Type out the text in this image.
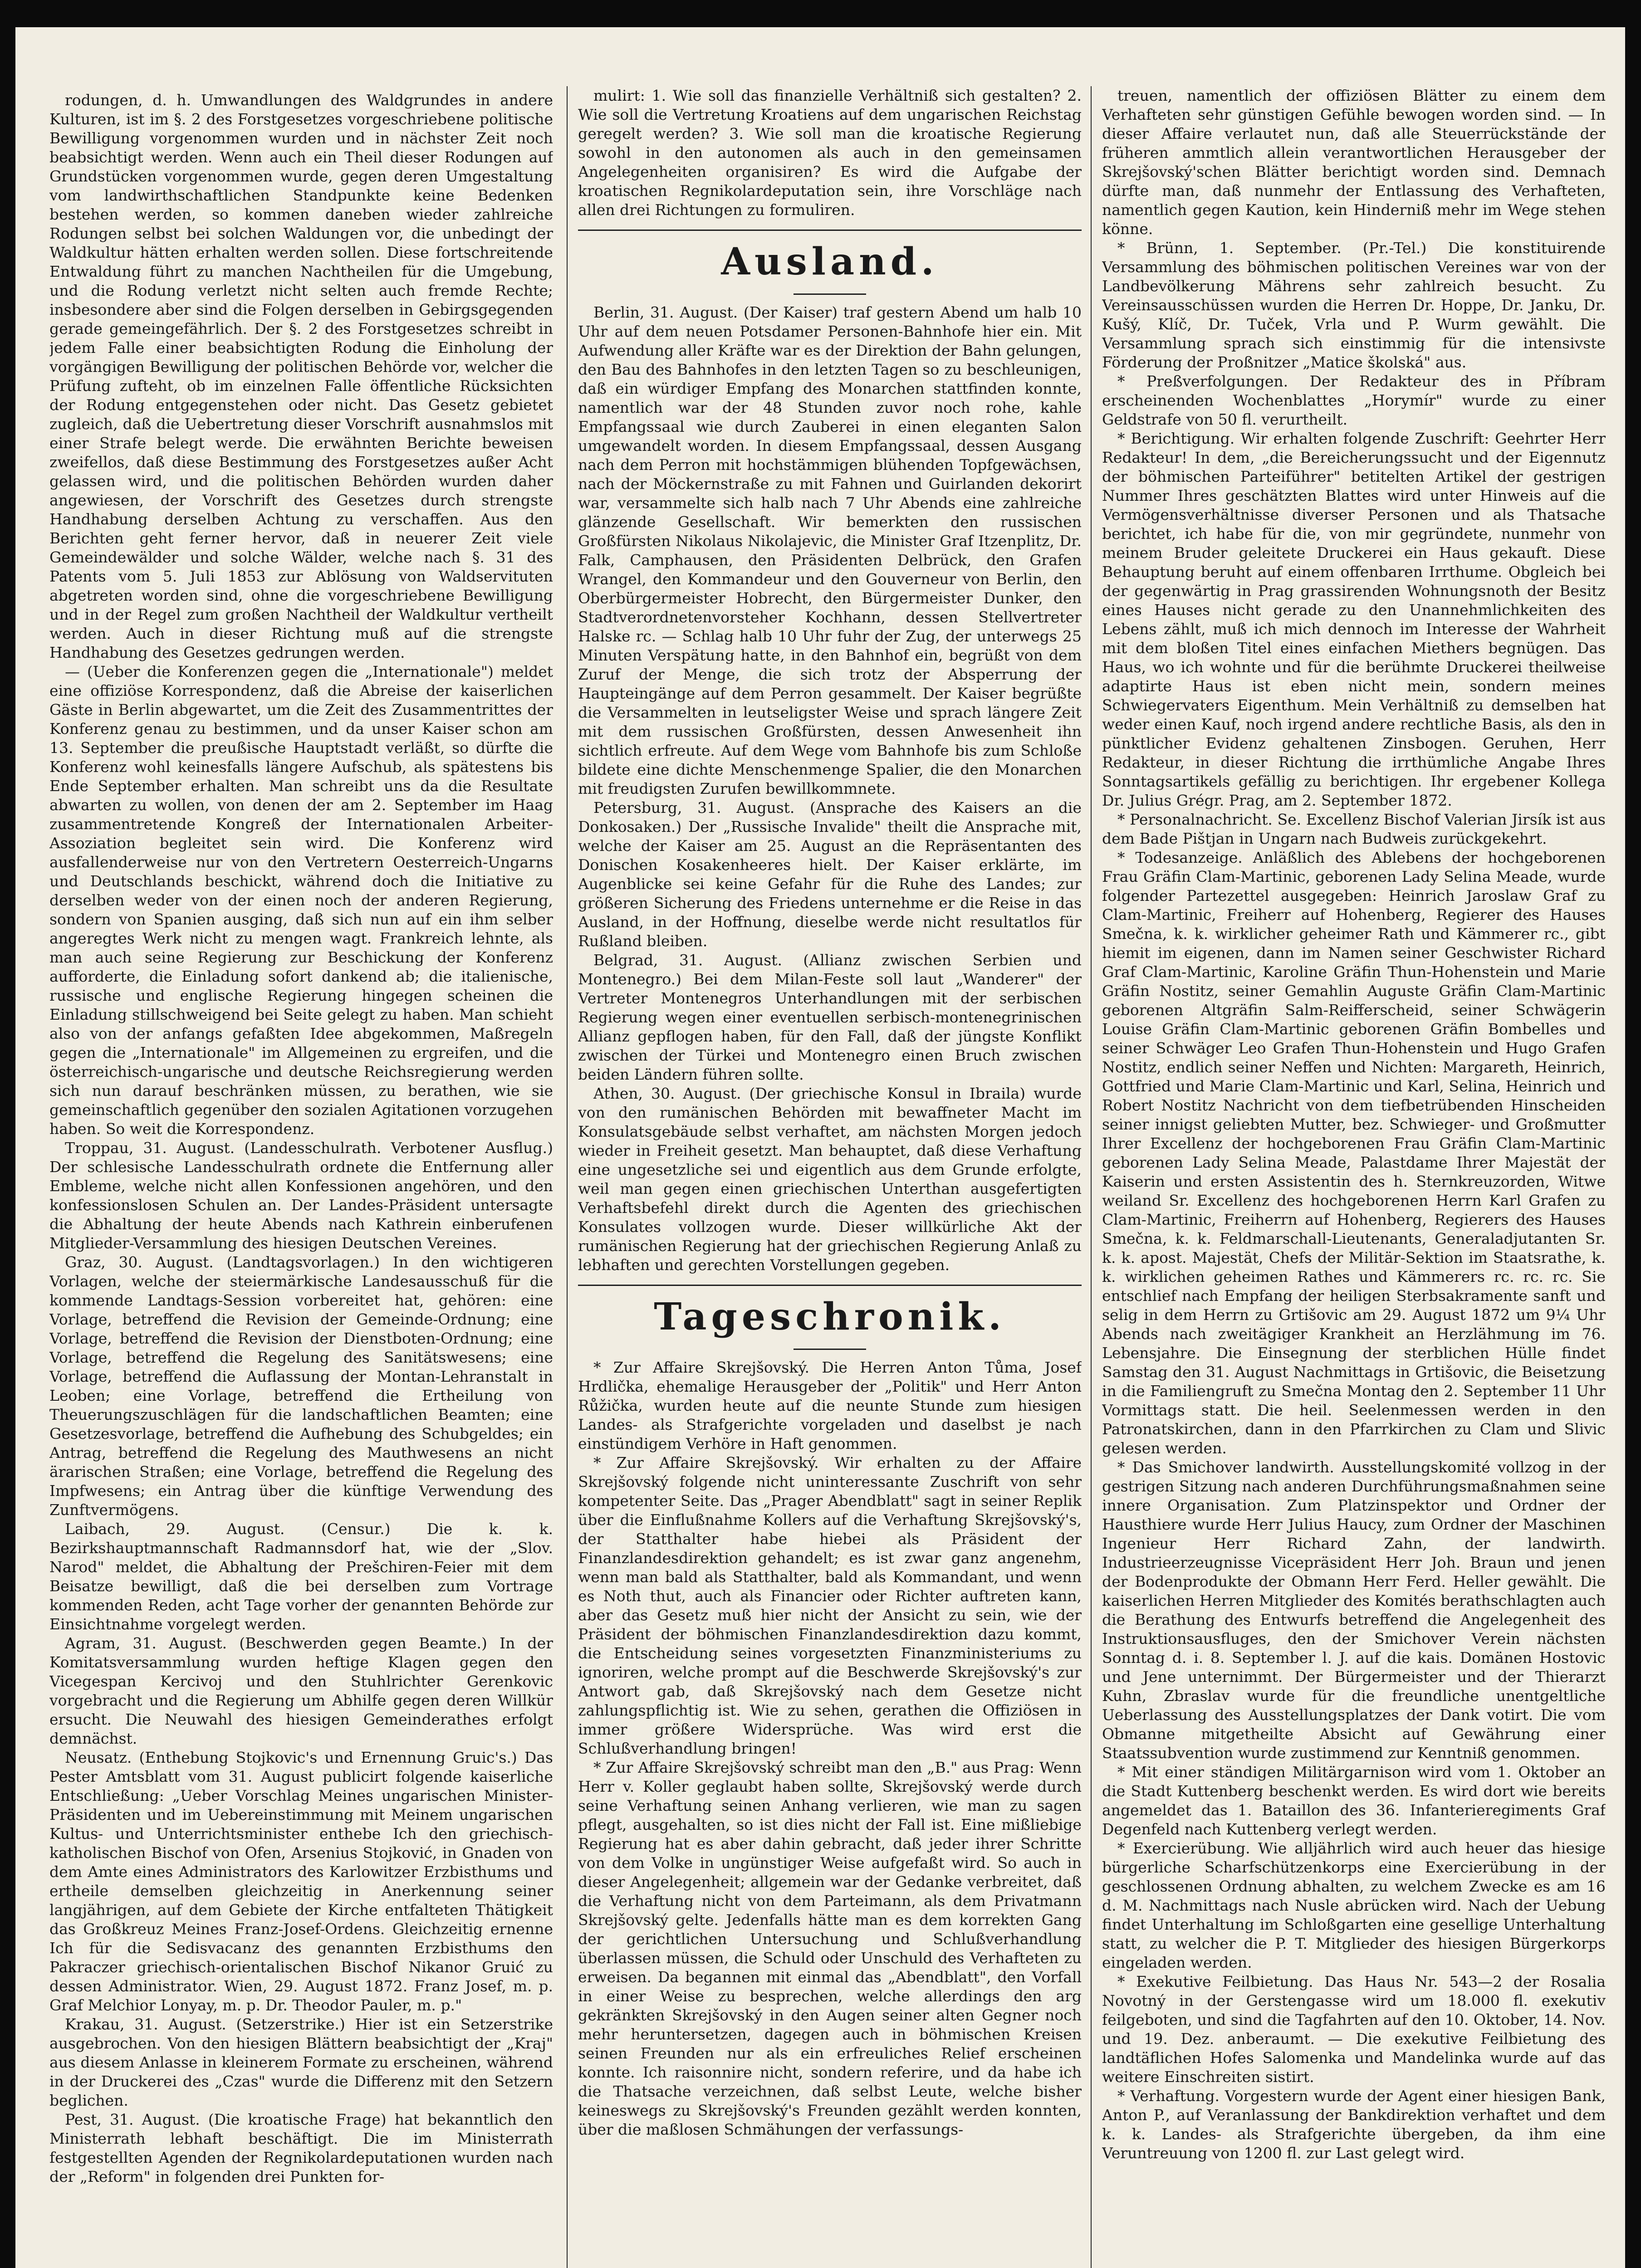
rodungen, d. h. Umwandlungen des Waldgrundes in andere Kulturen, ist im §. 2 des Forstgesetzes vorgeschriebene politische Bewilligung vorgenommen wurden und in nächster Zeit noch beabsichtigt werden. Wenn auch ein Theil dieser Rodungen auf Grundstücken vorgenommen wurde, gegen deren Umgestaltung vom landwirthschaftlichen Standpunkte keine Bedenken bestehen werden, so kommen daneben wieder zahlreiche Rodungen selbst bei solchen Waldungen vor, die unbedingt der Waldkultur hätten erhalten werden sollen. Diese fortschreitende Entwaldung führt zu manchen Nachtheilen für die Umgebung, und die Rodung verletzt nicht selten auch fremde Rechte; insbesondere aber sind die Folgen derselben in Gebirgsgegenden gerade gemeingefährlich. Der §. 2 des Forstgesetzes schreibt in jedem Falle einer beabsichtigten Rodung die Einholung der vorgängigen Bewilligung der politischen Behörde vor, welcher die Prüfung zufteht, ob im einzelnen Falle öffentliche Rücksichten der Rodung entgegenstehen oder nicht. Das Gesetz gebietet zugleich, daß die Uebertretung dieser Vorschrift ausnahmslos mit einer Strafe belegt werde. Die erwähnten Berichte beweisen zweifellos, daß diese Bestimmung des Forstgesetzes außer Acht gelassen wird, und die politischen Behörden wurden daher angewiesen, der Vorschrift des Gesetzes durch strengste Handhabung derselben Achtung zu verschaffen. Aus den Berichten geht ferner hervor, daß in neuerer Zeit viele Gemeindewälder und solche Wälder, welche nach §. 31 des Patents vom 5. Juli 1853 zur Ablösung von Waldservituten abgetreten worden sind, ohne die vorgeschriebene Bewilligung und in der Regel zum großen Nachtheil der Waldkultur vertheilt werden. Auch in dieser Richtung muß auf die strengste Handhabung des Gesetzes gedrungen werden.

— (Ueber die Konferenzen gegen die „Internationale") meldet eine offiziöse Korrespondenz, daß die Abreise der kaiserlichen Gäste in Berlin abgewartet, um die Zeit des Zusammentrittes der Konferenz genau zu bestimmen, und da unser Kaiser schon am 13. September die preußische Hauptstadt verläßt, so dürfte die Konferenz wohl keinesfalls längere Aufschub, als spätestens bis Ende September erhalten. Man schreibt uns da die Resultate abwarten zu wollen, von denen der am 2. September im Haag zusammentretende Kongreß der Internationalen Arbeiter-Assoziation begleitet sein wird. Die Konferenz wird ausfallenderweise nur von den Vertretern Oesterreich-Ungarns und Deutschlands beschickt, während doch die Initiative zu derselben weder von der einen noch der anderen Regierung, sondern von Spanien ausging, daß sich nun auf ein ihm selber angeregtes Werk nicht zu mengen wagt. Frankreich lehnte, als man auch seine Regierung zur Beschickung der Konferenz aufforderte, die Einladung sofort dankend ab; die italienische, russische und englische Regierung hingegen scheinen die Einladung stillschweigend bei Seite gelegt zu haben. Man schieht also von der anfangs gefaßten Idee abgekommen, Maßregeln gegen die „Internationale" im Allgemeinen zu ergreifen, und die österreichisch-ungarische und deutsche Reichsregierung werden sich nun darauf beschränken müssen, zu berathen, wie sie gemeinschaftlich gegenüber den sozialen Agitationen vorzugehen haben. So weit die Korrespondenz.

Troppau, 31. August. (Landesschulrath. Verbotener Ausflug.) Der schlesische Landesschulrath ordnete die Entfernung aller Embleme, welche nicht allen Konfessionen angehören, und den konfessionslosen Schulen an. Der Landes-Präsident untersagte die Abhaltung der heute Abends nach Kathrein einberufenen Mitglieder-Versammlung des hiesigen Deutschen Vereines.

Graz, 30. August. (Landtagsvorlagen.) In den wichtigeren Vorlagen, welche der steiermärkische Landesausschuß für die kommende Landtags-Session vorbereitet hat, gehören: eine Vorlage, betreffend die Revision der Gemeinde-Ordnung; eine Vorlage, betreffend die Revision der Dienstboten-Ordnung; eine Vorlage, betreffend die Regelung des Sanitätswesens; eine Vorlage, betreffend die Auflassung der Montan-Lehranstalt in Leoben; eine Vorlage, betreffend die Ertheilung von Theuerungszuschlägen für die landschaftlichen Beamten; eine Gesetzesvorlage, betreffend die Aufhebung des Schubgeldes; ein Antrag, betreffend die Regelung des Mauthwesens an nicht ärarischen Straßen; eine Vorlage, betreffend die Regelung des Impfwesens; ein Antrag über die künftige Verwendung des Zunftvermögens.

Laibach, 29. August. (Censur.) Die k. k. Bezirkshauptmannschaft Radmannsdorf hat, wie der „Slov. Narod" meldet, die Abhaltung der Prešchiren-Feier mit dem Beisatze bewilligt, daß die bei derselben zum Vortrage kommenden Reden, acht Tage vorher der genannten Behörde zur Einsichtnahme vorgelegt werden.

Agram, 31. August. (Beschwerden gegen Beamte.) In der Komitatsversammlung wurden heftige Klagen gegen den Vicegespan Kercivoj und den Stuhlrichter Gerenkovic vorgebracht und die Regierung um Abhilfe gegen deren Willkür ersucht. Die Neuwahl des hiesigen Gemeinderathes erfolgt demnächst.

Neusatz. (Enthebung Stojkovic's und Ernennung Gruic's.) Das Pester Amtsblatt vom 31. August publicirt folgende kaiserliche Entschließung: „Ueber Vorschlag Meines ungarischen Minister-Präsidenten und im Uebereinstimmung mit Meinem ungarischen Kultus- und Unterrichtsminister enthebe Ich den griechisch-katholischen Bischof von Ofen, Arsenius Stojković, in Gnaden von dem Amte eines Administrators des Karlowitzer Erzbisthums und ertheile demselben gleichzeitig in Anerkennung seiner langjährigen, auf dem Gebiete der Kirche entfalteten Thätigkeit das Großkreuz Meines Franz-Josef-Ordens. Gleichzeitig ernenne Ich für die Sedisvacanz des genannten Erzbisthums den Pakraczer griechisch-orientalischen Bischof Nikanor Gruić zu dessen Administrator. Wien, 29. August 1872. Franz Josef, m. p. Graf Melchior Lonyay, m. p. Dr. Theodor Pauler, m. p."

Krakau, 31. August. (Setzerstrike.) Hier ist ein Setzerstrike ausgebrochen. Von den hiesigen Blättern beabsichtigt der „Kraj" aus diesem Anlasse in kleinerem Formate zu erscheinen, während in der Druckerei des „Czas" wurde die Differenz mit den Setzern beglichen.

Pest, 31. August. (Die kroatische Frage) hat bekanntlich den Ministerrath lebhaft beschäftigt. Die im Ministerrath festgestellten Agenden der Regnikolardeputationen wurden nach der „Reform" in folgenden drei Punkten for-

mulirt: 1. Wie soll das finanzielle Verhältniß sich gestalten? 2. Wie soll die Vertretung Kroatiens auf dem ungarischen Reichstag geregelt werden? 3. Wie soll man die kroatische Regierung sowohl in den autonomen als auch in den gemeinsamen Angelegenheiten organisiren? Es wird die Aufgabe der kroatischen Regnikolardeputation sein, ihre Vorschläge nach allen drei Richtungen zu formuliren.

Ausland.

Berlin, 31. August. (Der Kaiser) traf gestern Abend um halb 10 Uhr auf dem neuen Potsdamer Personen-Bahnhofe hier ein. Mit Aufwendung aller Kräfte war es der Direktion der Bahn gelungen, den Bau des Bahnhofes in den letzten Tagen so zu beschleunigen, daß ein würdiger Empfang des Monarchen stattfinden konnte, namentlich war der 48 Stunden zuvor noch rohe, kahle Empfangssaal wie durch Zauberei in einen eleganten Salon umgewandelt worden. In diesem Empfangssaal, dessen Ausgang nach dem Perron mit hochstämmigen blühenden Topfgewächsen, nach der Möckernstraße zu mit Fahnen und Guirlanden dekorirt war, versammelte sich halb nach 7 Uhr Abends eine zahlreiche glänzende Gesellschaft. Wir bemerkten den russischen Großfürsten Nikolaus Nikolajevic, die Minister Graf Itzenplitz, Dr. Falk, Camphausen, den Präsidenten Delbrück, den Grafen Wrangel, den Kommandeur und den Gouverneur von Berlin, den Oberbürgermeister Hobrecht, den Bürgermeister Dunker, den Stadtverordnetenvorsteher Kochhann, dessen Stellvertreter Halske rc. — Schlag halb 10 Uhr fuhr der Zug, der unterwegs 25 Minuten Verspätung hatte, in den Bahnhof ein, begrüßt von dem Zuruf der Menge, die sich trotz der Absperrung der Haupteingänge auf dem Perron gesammelt. Der Kaiser begrüßte die Versammelten in leutseligster Weise und sprach längere Zeit mit dem russischen Großfürsten, dessen Anwesenheit ihn sichtlich erfreute. Auf dem Wege vom Bahnhofe bis zum Schloße bildete eine dichte Menschenmenge Spalier, die den Monarchen mit freudigsten Zurufen bewillkommnete.

Petersburg, 31. August. (Ansprache des Kaisers an die Donkosaken.) Der „Russische Invalide" theilt die Ansprache mit, welche der Kaiser am 25. August an die Repräsentanten des Donischen Kosakenheeres hielt. Der Kaiser erklärte, im Augenblicke sei keine Gefahr für die Ruhe des Landes; zur größeren Sicherung des Friedens unternehme er die Reise in das Ausland, in der Hoffnung, dieselbe werde nicht resultatlos für Rußland bleiben.

Belgrad, 31. August. (Allianz zwischen Serbien und Montenegro.) Bei dem Milan-Feste soll laut „Wanderer" der Vertreter Montenegros Unterhandlungen mit der serbischen Regierung wegen einer eventuellen serbisch-montenegrinischen Allianz gepflogen haben, für den Fall, daß der jüngste Konflikt zwischen der Türkei und Montenegro einen Bruch zwischen beiden Ländern führen sollte.

Athen, 30. August. (Der griechische Konsul in Ibraila) wurde von den rumänischen Behörden mit bewaffneter Macht im Konsulatsgebäude selbst verhaftet, am nächsten Morgen jedoch wieder in Freiheit gesetzt. Man behauptet, daß diese Verhaftung eine ungesetzliche sei und eigentlich aus dem Grunde erfolgte, weil man gegen einen griechischen Unterthan ausgefertigten Verhaftsbefehl direkt durch die Agenten des griechischen Konsulates vollzogen wurde. Dieser willkürliche Akt der rumänischen Regierung hat der griechischen Regierung Anlaß zu lebhaften und gerechten Vorstellungen gegeben.

Tageschronik.

* Zur Affaire Skrejšovský. Die Herren Anton Tůma, Josef Hrdlička, ehemalige Herausgeber der „Politik" und Herr Anton Růžička, wurden heute auf die neunte Stunde zum hiesigen Landes- als Strafgerichte vorgeladen und daselbst je nach einstündigem Verhöre in Haft genommen.

* Zur Affaire Skrejšovský. Wir erhalten zu der Affaire Skrejšovský folgende nicht uninteressante Zuschrift von sehr kompetenter Seite. Das „Prager Abendblatt" sagt in seiner Replik über die Einflußnahme Kollers auf die Verhaftung Skrejšovský's, der Statthalter habe hiebei als Präsident der Finanzlandesdirektion gehandelt; es ist zwar ganz angenehm, wenn man bald als Statthalter, bald als Kommandant, und wenn es Noth thut, auch als Financier oder Richter auftreten kann, aber das Gesetz muß hier nicht der Ansicht zu sein, wie der Präsident der böhmischen Finanzlandesdirektion dazu kommt, die Entscheidung seines vorgesetzten Finanzministeriums zu ignoriren, welche prompt auf die Beschwerde Skrejšovský's zur Antwort gab, daß Skrejšovský nach dem Gesetze nicht zahlungspflichtig ist. Wie zu sehen, gerathen die Offiziösen in immer größere Widersprüche. Was wird erst die Schlußverhandlung bringen!

* Zur Affaire Skrejšovský schreibt man den „B." aus Prag: Wenn Herr v. Koller geglaubt haben sollte, Skrejšovský werde durch seine Verhaftung seinen Anhang verlieren, wie man zu sagen pflegt, ausgehalten, so ist dies nicht der Fall ist. Eine mißliebige Regierung hat es aber dahin gebracht, daß jeder ihrer Schritte von dem Volke in ungünstiger Weise aufgefaßt wird. So auch in dieser Angelegenheit; allgemein war der Gedanke verbreitet, daß die Verhaftung nicht von dem Parteimann, als dem Privatmann Skrejšovský gelte. Jedenfalls hätte man es dem korrekten Gang der gerichtlichen Untersuchung und Schlußverhandlung überlassen müssen, die Schuld oder Unschuld des Verhafteten zu erweisen. Da begannen mit einmal das „Abendblatt", den Vorfall in einer Weise zu besprechen, welche allerdings den arg gekränkten Skrejšovský in den Augen seiner alten Gegner noch mehr heruntersetzen, dagegen auch in böhmischen Kreisen seinen Freunden nur als ein erfreuliches Relief erscheinen konnte. Ich raisonnire nicht, sondern referire, und da habe ich die Thatsache verzeichnen, daß selbst Leute, welche bisher keineswegs zu Skrejšovský's Freunden gezählt werden konnten, über die maßlosen Schmähungen der verfassungs-

treuen, namentlich der offiziösen Blätter zu einem dem Verhafteten sehr günstigen Gefühle bewogen worden sind. — In dieser Affaire verlautet nun, daß alle Steuerrückstände der früheren ammtlich allein verantwortlichen Herausgeber der Skrejšovský'schen Blätter berichtigt worden sind. Demnach dürfte man, daß nunmehr der Entlassung des Verhafteten, namentlich gegen Kaution, kein Hinderniß mehr im Wege stehen könne.

* Brünn, 1. September. (Pr.-Tel.) Die konstituirende Versammlung des böhmischen politischen Vereines war von der Landbevölkerung Mährens sehr zahlreich besucht. Zu Vereinsausschüssen wurden die Herren Dr. Hoppe, Dr. Janku, Dr. Kušý, Klíč, Dr. Tuček, Vrla und P. Wurm gewählt. Die Versammlung sprach sich einstimmig für die intensivste Förderung der Proßnitzer „Matice školská" aus.

* Preßverfolgungen. Der Redakteur des in Příbram erscheinenden Wochenblattes „Horymír" wurde zu einer Geldstrafe von 50 fl. verurtheilt.

* Berichtigung. Wir erhalten folgende Zuschrift: Geehrter Herr Redakteur! In dem, „die Bereicherungssucht und der Eigennutz der böhmischen Parteiführer" betitelten Artikel der gestrigen Nummer Ihres geschätzten Blattes wird unter Hinweis auf die Vermögensverhältnisse diverser Personen und als Thatsache berichtet, ich habe für die, von mir gegründete, nunmehr von meinem Bruder geleitete Druckerei ein Haus gekauft. Diese Behauptung beruht auf einem offenbaren Irrthume. Obgleich bei der gegenwärtig in Prag grassirenden Wohnungsnoth der Besitz eines Hauses nicht gerade zu den Unannehmlichkeiten des Lebens zählt, muß ich mich dennoch im Interesse der Wahrheit mit dem bloßen Titel eines einfachen Miethers begnügen. Das Haus, wo ich wohnte und für die berühmte Druckerei theilweise adaptirte Haus ist eben nicht mein, sondern meines Schwiegervaters Eigenthum. Mein Verhältniß zu demselben hat weder einen Kauf, noch irgend andere rechtliche Basis, als den in pünktlicher Evidenz gehaltenen Zinsbogen. Geruhen, Herr Redakteur, in dieser Richtung die irrthümliche Angabe Ihres Sonntagsartikels gefällig zu berichtigen. Ihr ergebener Kollega Dr. Julius Grégr. Prag, am 2. September 1872.

* Personalnachricht. Se. Excellenz Bischof Valerian Jirsík ist aus dem Bade Pištjan in Ungarn nach Budweis zurückgekehrt.

* Todesanzeige. Anläßlich des Ablebens der hochgeborenen Frau Gräfin Clam-Martinic, geborenen Lady Selina Meade, wurde folgender Partezettel ausgegeben: Heinrich Jaroslaw Graf zu Clam-Martinic, Freiherr auf Hohenberg, Regierer des Hauses Smečna, k. k. wirklicher geheimer Rath und Kämmerer rc., gibt hiemit im eigenen, dann im Namen seiner Geschwister Richard Graf Clam-Martinic, Karoline Gräfin Thun-Hohenstein und Marie Gräfin Nostitz, seiner Gemahlin Auguste Gräfin Clam-Martinic geborenen Altgräfin Salm-Reifferscheid, seiner Schwägerin Louise Gräfin Clam-Martinic geborenen Gräfin Bombelles und seiner Schwäger Leo Grafen Thun-Hohenstein und Hugo Grafen Nostitz, endlich seiner Neffen und Nichten: Margareth, Heinrich, Gottfried und Marie Clam-Martinic und Karl, Selina, Heinrich und Robert Nostitz Nachricht von dem tiefbetrübenden Hinscheiden seiner innigst geliebten Mutter, bez. Schwieger- und Großmutter Ihrer Excellenz der hochgeborenen Frau Gräfin Clam-Martinic geborenen Lady Selina Meade, Palastdame Ihrer Majestät der Kaiserin und ersten Assistentin des h. Sternkreuzorden, Witwe weiland Sr. Excellenz des hochgeborenen Herrn Karl Grafen zu Clam-Martinic, Freiherrn auf Hohenberg, Regierers des Hauses Smečna, k. k. Feldmarschall-Lieutenants, Generaladjutanten Sr. k. k. apost. Majestät, Chefs der Militär-Sektion im Staatsrathe, k. k. wirklichen geheimen Rathes und Kämmerers rc. rc. rc. Sie entschlief nach Empfang der heiligen Sterbsakramente sanft und selig in dem Herrn zu Grtišovic am 29. August 1872 um 9¼ Uhr Abends nach zweitägiger Krankheit an Herzlähmung im 76. Lebensjahre. Die Einsegnung der sterblichen Hülle findet Samstag den 31. August Nachmittags in Grtišovic, die Beisetzung in die Familiengruft zu Smečna Montag den 2. September 11 Uhr Vormittags statt. Die heil. Seelenmessen werden in den Patronatskirchen, dann in den Pfarrkirchen zu Clam und Slivic gelesen werden.

* Das Smichover landwirth. Ausstellungskomité vollzog in der gestrigen Sitzung nach anderen Durchführungsmaßnahmen seine innere Organisation. Zum Platzinspektor und Ordner der Hausthiere wurde Herr Julius Haucy, zum Ordner der Maschinen Ingenieur Herr Richard Zahn, der landwirth. Industrieerzeugnisse Vicepräsident Herr Joh. Braun und jenen der Bodenprodukte der Obmann Herr Ferd. Heller gewählt. Die kaiserlichen Herren Mitglieder des Komités berathschlagten auch die Berathung des Entwurfs betreffend die Angelegenheit des Instruktionsausfluges, den der Smichover Verein nächsten Sonntag d. i. 8. September l. J. auf die kais. Domänen Hostovic und Jene unternimmt. Der Bürgermeister und der Thierarzt Kuhn, Zbraslav wurde für die freundliche unentgeltliche Ueberlassung des Ausstellungsplatzes der Dank votirt. Die vom Obmanne mitgetheilte Absicht auf Gewährung einer Staatssubvention wurde zustimmend zur Kenntniß genommen.

* Mit einer ständigen Militärgarnison wird vom 1. Oktober an die Stadt Kuttenberg beschenkt werden. Es wird dort wie bereits angemeldet das 1. Bataillon des 36. Infanterieregiments Graf Degenfeld nach Kuttenberg verlegt werden.

* Exercierübung. Wie alljährlich wird auch heuer das hiesige bürgerliche Scharfschützenkorps eine Exercierübung in der geschlossenen Ordnung abhalten, zu welchem Zwecke es am 16 d. M. Nachmittags nach Nusle abrücken wird. Nach der Uebung findet Unterhaltung im Schloßgarten eine gesellige Unterhaltung statt, zu welcher die P. T. Mitglieder des hiesigen Bürgerkorps eingeladen werden.

* Exekutive Feilbietung. Das Haus Nr. 543—2 der Rosalia Novotný in der Gerstengasse wird um 18.000 fl. exekutiv feilgeboten, und sind die Tagfahrten auf den 10. Oktober, 14. Nov. und 19. Dez. anberaumt. — Die exekutive Feilbietung des landtäflichen Hofes Salomenka und Mandelinka wurde auf das weitere Einschreiten sistirt.

* Verhaftung. Vorgestern wurde der Agent einer hiesigen Bank, Anton P., auf Veranlassung der Bankdirektion verhaftet und dem k. k. Landes- als Strafgerichte übergeben, da ihm eine Veruntreuung von 1200 fl. zur Last gelegt wird.
